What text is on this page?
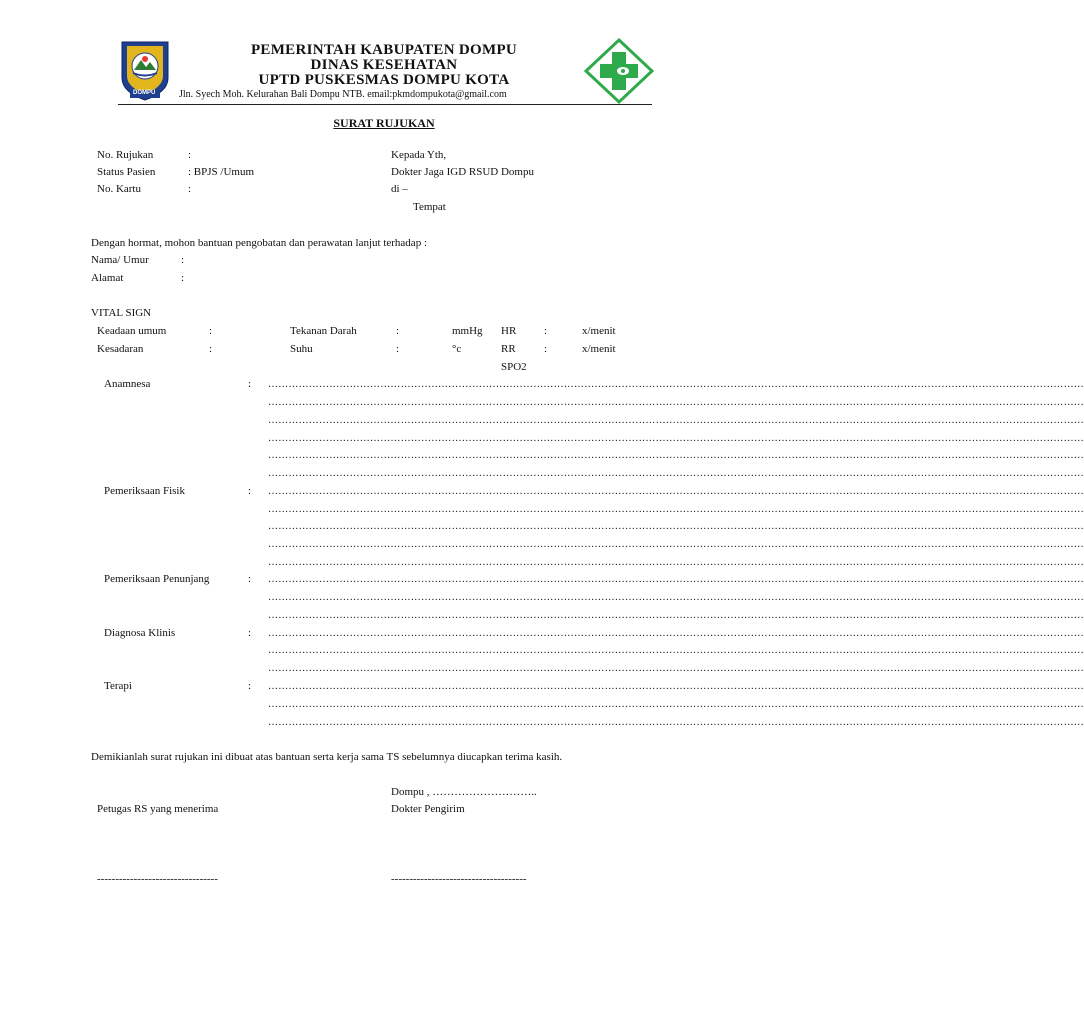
DOMPU
PEMERINTAH KABUPATEN DOMPU
DINAS KESEHATAN
UPTD PUSKESMAS DOMPU KOTA
Jln. Syech Moh. Kelurahan Bali Dompu NTB. email:pkmdompukota@gmail.com
SURAT RUJUKAN
No. Rujukan	:
Status Pasien	: BPJS /Umum
No. Kartu	:
Kepada Yth,
Dokter Jaga IGD RSUD Dompu
di –
Tempat
Dengan hormat, mohon bantuan pengobatan dan perawatan lanjut terhadap :
Nama/ Umur	:
Alamat	:
VITAL SIGN
Keadaan umum	:	Tekanan Darah	:	mmHg HR	:	x/menit
Kesadaran	:	Suhu	:	°c	RR	:	x/menit
SPO2
Anamnesa	: ……………………………………………………………………………………………………………………………………………………………………………………………………………………
……………………………………………………………………………………………………………………………………………………………………………………………………………………
……………………………………………………………………………………………………………………………………………………………………………………………………………………
……………………………………………………………………………………………………………………………………………………………………………………………………………………
……………………………………………………………………………………………………………………………………………………………………………………………………………………
……………………………………………………………………………………………………………………………………………………………………………………………………………………
Pemeriksaan Fisik	: ……………………………………………………………………………………………………………………………………………………………………………………………………………………
……………………………………………………………………………………………………………………………………………………………………………………………………………………
……………………………………………………………………………………………………………………………………………………………………………………………………………………
……………………………………………………………………………………………………………………………………………………………………………………………………………………
……………………………………………………………………………………………………………………………………………………………………………………………………………………
Pemeriksaan Penunjang	: ……………………………………………………………………………………………………………………………………………………………………………………………………………………
……………………………………………………………………………………………………………………………………………………………………………………………………………………
……………………………………………………………………………………………………………………………………………………………………………………………………………………
Diagnosa Klinis	: ……………………………………………………………………………………………………………………………………………………………………………………………………………………
……………………………………………………………………………………………………………………………………………………………………………………………………………………
……………………………………………………………………………………………………………………………………………………………………………………………………………………
Terapi	: ……………………………………………………………………………………………………………………………………………………………………………………………………………………
……………………………………………………………………………………………………………………………………………………………………………………………………………………
……………………………………………………………………………………………………………………………………………………………………………………………………………………
Demikianlah surat rujukan ini dibuat atas bantuan serta kerja sama TS sebelumnya diucapkan terima kasih.
Dompu , ………………………..
Petugas RS yang menerima	Dokter Pengirim
---------------------------------	-------------------------------------
